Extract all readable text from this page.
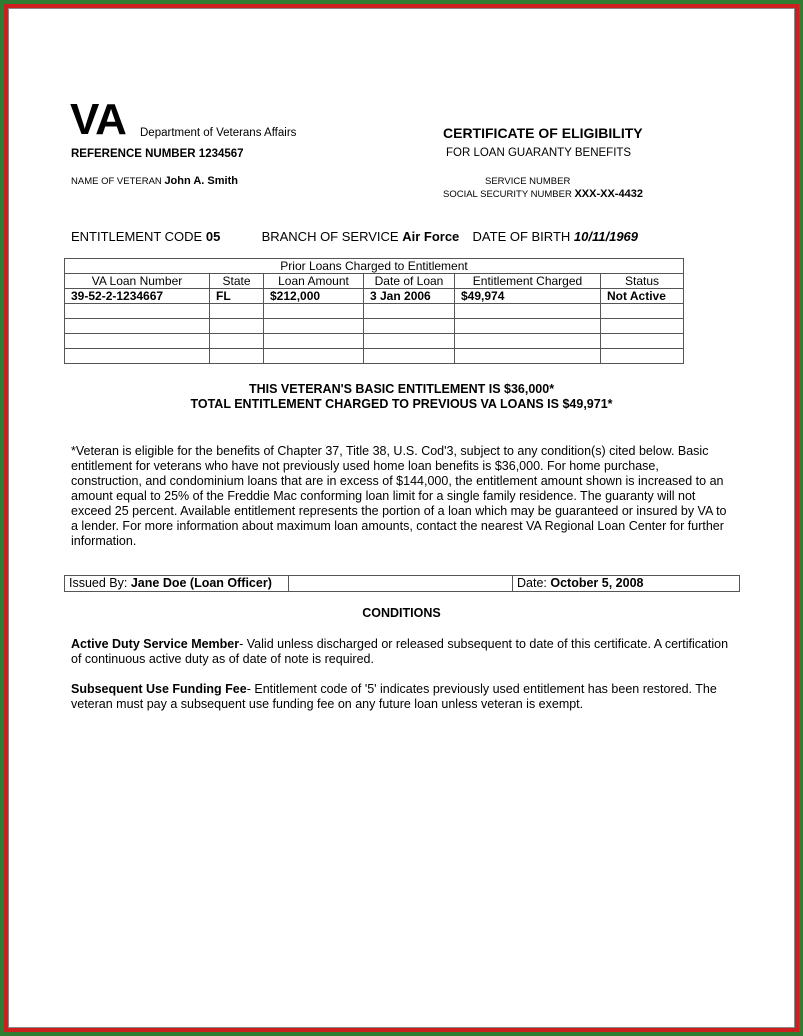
VA Department of Veterans Affairs
REFERENCE NUMBER 1234567
CERTIFICATE OF ELIGIBILITY
FOR LOAN GUARANTY BENEFITS
NAME OF VETERAN John A. Smith	SERVICE NUMBER
SOCIAL SECURITY NUMBER XXX-XX-4432
ENTITLEMENT CODE 05	BRANCH OF SERVICE Air Force DATE OF BIRTH 10/11/1969
Prior Loans Charged to Entitlement					
VA Loan Number	State	Loan Amount	Date of Loan	Entitlement Charged	Status
39-52-2-1234667	FL	$212,000	3 Jan 2006	$49,974	Not Active

THIS VETERAN'S BASIC ENTITLEMENT IS $36,000*
TOTAL ENTITLEMENT CHARGED TO PREVIOUS VA LOANS IS $49,971*
*Veteran is eligible for the benefits of Chapter 37, Title 38, U.S. Cod'3, subject to any condition(s) cited below. Basic entitlement for veterans who have not previously used home loan benefits is $36,000. For home purchase, construction, and condominium loans that are in excess of $144,000, the entitlement amount shown is increased to an amount equal to 25% of the Freddie Mac conforming loan limit for a single family residence. The guaranty will not exceed 25 percent. Available entitlement represents the portion of a loan which may be guaranteed or insured by VA to a lender. For more information about maximum loan amounts, contact the nearest VA Regional Loan Center for further information.
Issued By: Jane Doe (Loan Officer)		Date: October 5, 2008
CONDITIONS
Active Duty Service Member- Valid unless discharged or released subsequent to date of this certificate. A certification of continuous active duty as of date of note is required.
Subsequent Use Funding Fee- Entitlement code of '5' indicates previously used entitlement has been restored. The veteran must pay a subsequent use funding fee on any future loan unless veteran is exempt.
